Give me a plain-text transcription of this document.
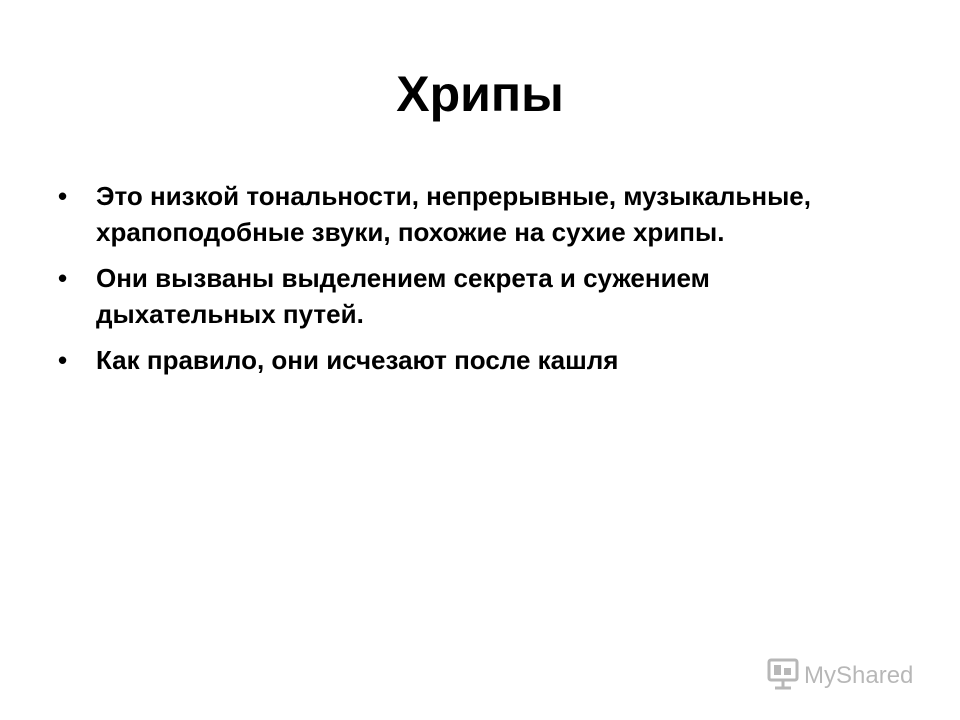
Хрипы
•	Это низкой тональности, непрерывные, музыкальные, храпоподобные звуки, похожие на сухие хрипы.
•	Они вызваны выделением секрета и сужением дыхательных путей.
•	Как правило, они исчезают после кашля
MyShared
